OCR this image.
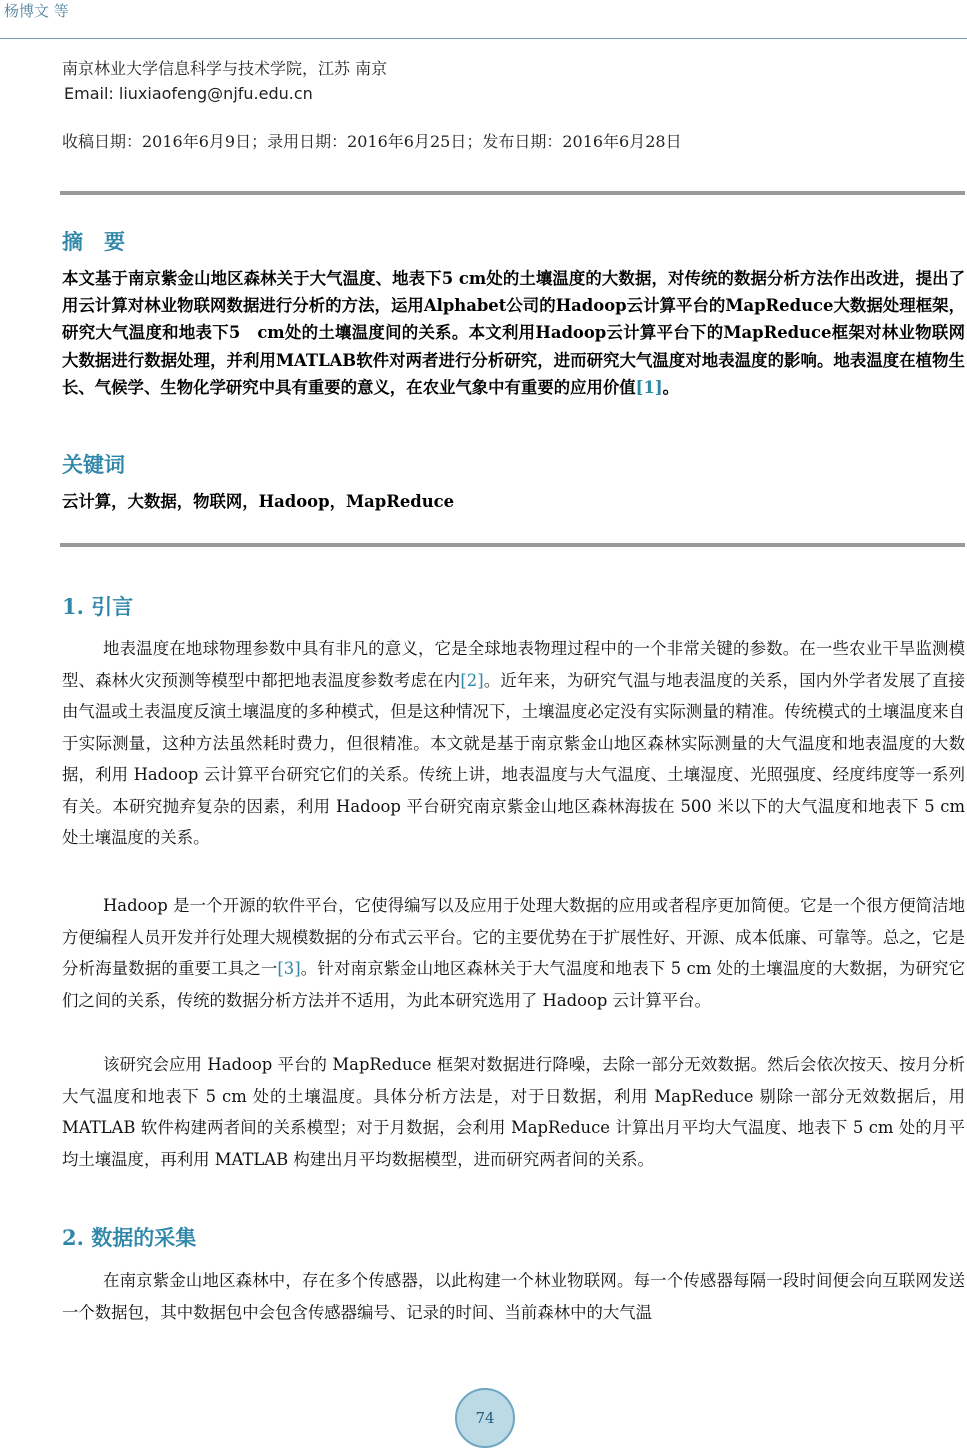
杨博文 等
南京林业大学信息科学与技术学院，江苏 南京
Email: liuxiaofeng@njfu.edu.cn
收稿日期：2016年6月9日；录用日期：2016年6月25日；发布日期：2016年6月28日
摘　要
本文基于南京紫金山地区森林关于大气温度、地表下5 cm处的土壤温度的大数据，对传统的数据分析方法作出改进，提出了用云计算对林业物联网数据进行分析的方法，运用Alphabet公司的Hadoop云计算平台的MapReduce大数据处理框架，研究大气温度和地表下5　cm处的土壤温度间的关系。本文利用Hadoop云计算平台下的MapReduce框架对林业物联网大数据进行数据处理，并利用MATLAB软件对两者进行分析研究，进而研究大气温度对地表温度的影响。地表温度在植物生长、气候学、生物化学研究中具有重要的意义，在农业气象中有重要的应用价值[1]。
关键词
云计算，大数据，物联网，Hadoop，MapReduce
1. 引言
地表温度在地球物理参数中具有非凡的意义，它是全球地表物理过程中的一个非常关键的参数。在一些农业干旱监测模型、森林火灾预测等模型中都把地表温度参数考虑在内[2]。近年来，为研究气温与地表温度的关系，国内外学者发展了直接由气温或土表温度反演土壤温度的多种模式，但是这种情况下，土壤温度必定没有实际测量的精准。传统模式的土壤温度来自于实际测量，这种方法虽然耗时费力，但很精准。本文就是基于南京紫金山地区森林实际测量的大气温度和地表温度的大数据，利用 Hadoop 云计算平台研究它们的关系。传统上讲，地表温度与大气温度、土壤湿度、光照强度、经度纬度等一系列有关。本研究抛弃复杂的因素，利用 Hadoop 平台研究南京紫金山地区森林海拔在 500 米以下的大气温度和地表下 5 cm 处土壤温度的关系。
Hadoop 是一个开源的软件平台，它使得编写以及应用于处理大数据的应用或者程序更加简便。它是一个很方便简洁地方便编程人员开发并行处理大规模数据的分布式云平台。它的主要优势在于扩展性好、开源、成本低廉、可靠等。总之，它是分析海量数据的重要工具之一[3]。针对南京紫金山地区森林关于大气温度和地表下 5 cm 处的土壤温度的大数据，为研究它们之间的关系，传统的数据分析方法并不适用，为此本研究选用了 Hadoop 云计算平台。
该研究会应用 Hadoop 平台的 MapReduce 框架对数据进行降噪，去除一部分无效数据。然后会依次按天、按月分析大气温度和地表下 5 cm 处的土壤温度。具体分析方法是，对于日数据，利用 MapReduce 剔除一部分无效数据后，用 MATLAB 软件构建两者间的关系模型；对于月数据，会利用 MapReduce 计算出月平均大气温度、地表下 5 cm 处的月平均土壤温度，再利用 MATLAB 构建出月平均数据模型，进而研究两者间的关系。
2. 数据的采集
在南京紫金山地区森林中，存在多个传感器，以此构建一个林业物联网。每一个传感器每隔一段时间便会向互联网发送一个数据包，其中数据包中会包含传感器编号、记录的时间、当前森林中的大气温
74
